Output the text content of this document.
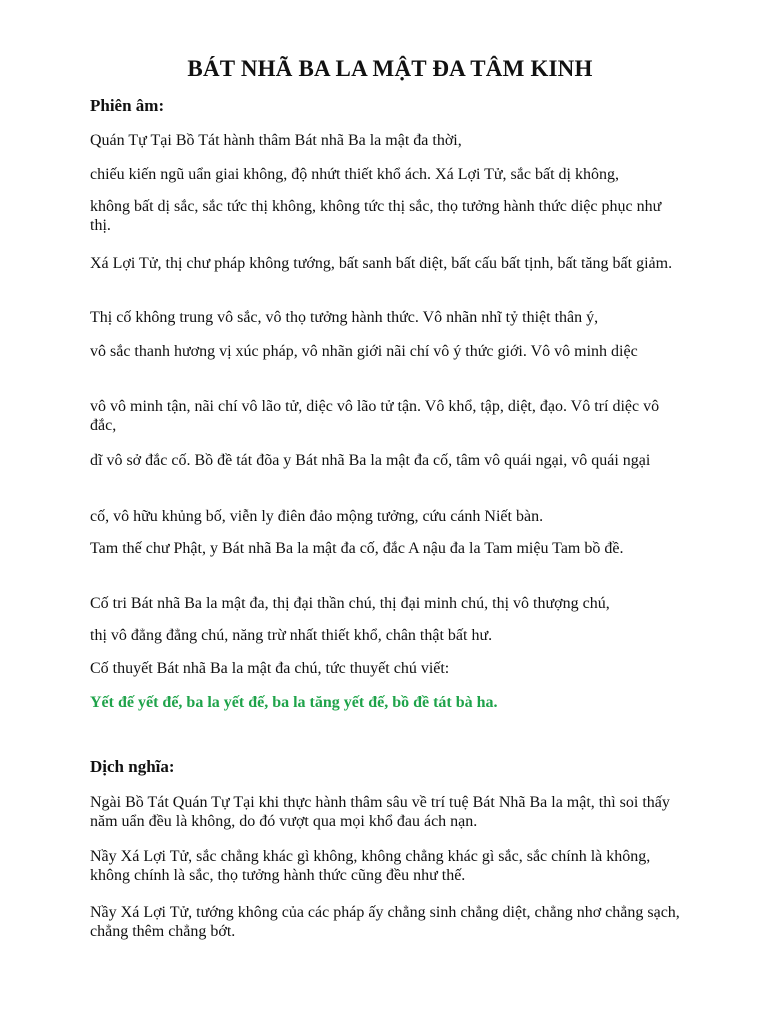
BÁT NHÃ BA LA MẬT ĐA TÂM KINH
Phiên âm:
Quán Tự Tại Bồ Tát hành thâm Bát nhã Ba la mật đa thời,
chiếu kiến ngũ uẩn giai không, độ nhứt thiết khổ ách. Xá Lợi Tử, sắc bất dị không,
không bất dị sắc, sắc tức thị không, không tức thị sắc, thọ tưởng hành thức diệc phục như thị.
Xá Lợi Tử, thị chư pháp không tướng, bất sanh bất diệt, bất cấu bất tịnh, bất tăng bất giảm.
Thị cố không trung vô sắc, vô thọ tưởng hành thức. Vô nhãn nhĩ tỷ thiệt thân ý,
vô sắc thanh hương vị xúc pháp, vô nhãn giới nãi chí vô ý thức giới. Vô vô minh diệc
vô vô minh tận, nãi chí vô lão tử, diệc vô lão tử tận. Vô khổ, tập, diệt, đạo. Vô trí diệc vô đắc,
dĩ vô sở đắc cố. Bồ đề tát đõa y Bát nhã Ba la mật đa cố, tâm vô quái ngại, vô quái ngại
cố, vô hữu khủng bố, viễn ly điên đảo mộng tưởng, cứu cánh Niết bàn.
Tam thế chư Phật, y Bát nhã Ba la mật đa cố, đắc A nậu đa la Tam miệu Tam bồ đề.
Cố tri Bát nhã Ba la mật đa, thị đại thần chú, thị đại minh chú, thị vô thượng chú,
thị vô đẳng đẳng chú, năng trừ nhất thiết khổ, chân thật bất hư.
Cố thuyết Bát nhã Ba la mật đa chú, tức thuyết chú viết:
Yết đế yết đế, ba la yết đế, ba la tăng yết đế, bồ đề tát bà ha.
Dịch nghĩa:
Ngài Bồ Tát Quán Tự Tại khi thực hành thâm sâu về trí tuệ Bát Nhã Ba la mật, thì soi thấy năm uẩn đều là không, do đó vượt qua mọi khổ đau ách nạn.
Nầy Xá Lợi Tử, sắc chẳng khác gì không, không chẳng khác gì sắc, sắc chính là không, không chính là sắc, thọ tưởng hành thức cũng đều như thế.
Nầy Xá Lợi Tử, tướng không của các pháp ấy chẳng sinh chẳng diệt, chẳng nhơ chẳng sạch, chẳng thêm chẳng bớt.
